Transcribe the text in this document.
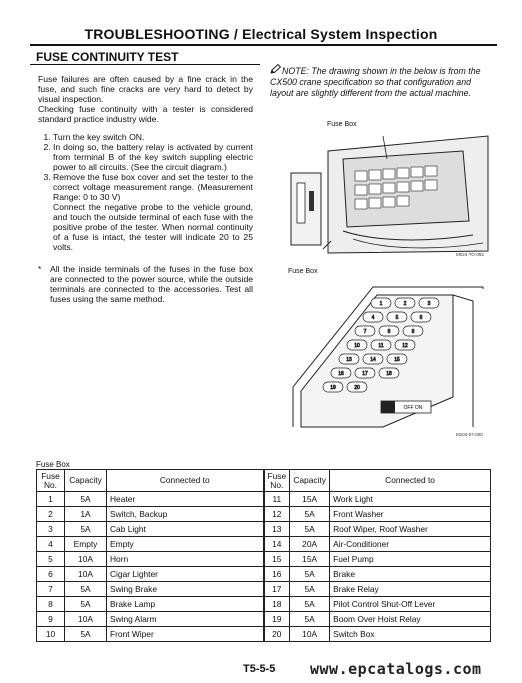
TROUBLESHOOTING / Electrical System Inspection
FUSE CONTINUITY TEST

Fuse failures are often caused by a fine crack in the fuse, and such fine cracks are very hard to detect by visual inspection.

Checking fuse continuity with a tester is considered standard practice industry wide.

1. Turn the key switch ON.
2. In doing so, the battery relay is activated by current from terminal B of the key switch suppling electric power to all circuits. (See the circuit diagram.)
3. Remove the fuse box cover and set the tester to the correct voltage measurement range. (Measurement Range: 0 to 30 V)
Connect the negative probe to the vehicle ground, and touch the outside terminal of each fuse with the positive probe of the tester. When normal continuity of a fuse is intact, the tester will indicate 20 to 25 volts.
*	All the inside terminals of the fuses in the fuse box are connected to the power source, while the outside terminals are connected to the accessories. Test all fuses using the same method.
NOTE: The drawing shown in the below is from the CX500 crane specification so that configuration and layout are slightly different from the actual machine.
Fuse Box
M024-TO-092
Fuse Box
1	2	3
4	5	6
7	8	9
10	11	12
13	14	15
16	17	18
19	20
OFF ON
M104-07-000
Fuse Box
Fuse No.	Capacity	Connected to	Fuse No.	Capacity	Connected to
1	5A	Heater	11	15A	Work Light
2	1A	Switch, Backup	12	5A	Front Washer
3	5A	Cab Light	13	5A	Roof Wiper, Roof Washer
4	Empty	Empty	14	20A	Air-Conditioner
5	10A	Horn	15	15A	Fuel Pump
6	10A	Cigar Lighter	16	5A	Brake
7	5A	Swing Brake	17	5A	Brake Relay
8	5A	Brake Lamp	18	5A	Pilot Control Shut-Off Lever
9	10A	Swing Alarm	19	5A	Boom Over Hoist Relay
10	5A	Front Wiper	20	10A	Switch Box
T5-5-5 www.epcatalogs.com
